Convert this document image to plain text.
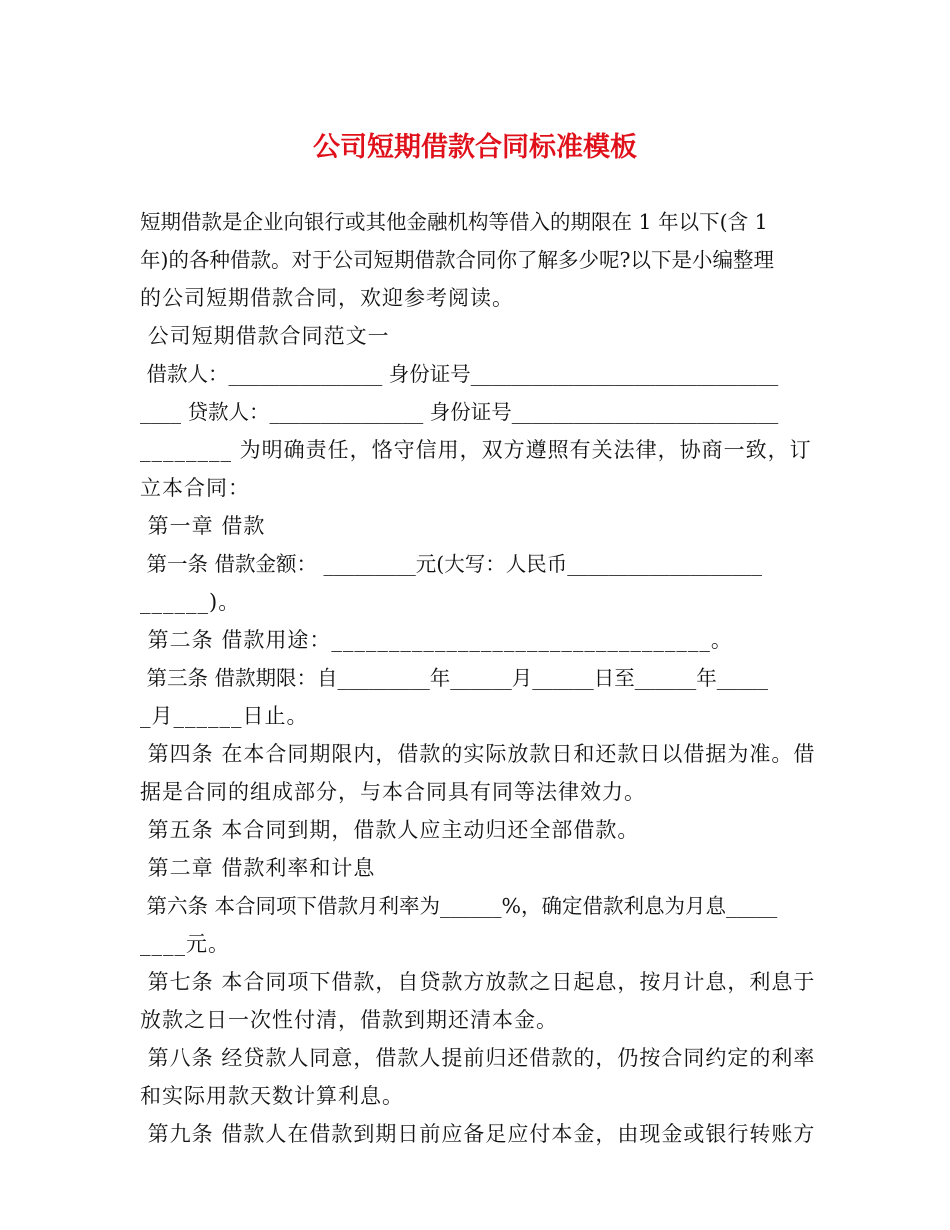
公司短期借款合同标准模板
短期借款是企业向银行或其他金融机构等借入的期限在 1 年以下(含 1
年)的各种借款。对于公司短期借款合同你了解多少呢?以下是小编整理
的公司短期借款合同，欢迎参考阅读。
公司短期借款合同范文一
借款人：_______________ 身份证号______________________________
____ 贷款人：_______________ 身份证号__________________________
________ 为明确责任，恪守信用，双方遵照有关法律，协商一致，订
立本合同：
第一章 借款
第一条 借款金额： _________元(大写：人民币___________________
______)。
第二条 借款用途：_________________________________。
第三条 借款期限：自_________年______月______日至______年_____
_月______日止。
第四条 在本合同期限内，借款的实际放款日和还款日以借据为准。借
据是合同的组成部分，与本合同具有同等法律效力。
第五条 本合同到期，借款人应主动归还全部借款。
第二章 借款利率和计息
第六条 本合同项下借款月利率为______%，确定借款利息为月息_____
____元。
第七条 本合同项下借款，自贷款方放款之日起息，按月计息，利息于
放款之日一次性付清，借款到期还清本金。
第八条 经贷款人同意，借款人提前归还借款的，仍按合同约定的利率
和实际用款天数计算利息。
第九条 借款人在借款到期日前应备足应付本金，由现金或银行转账方
